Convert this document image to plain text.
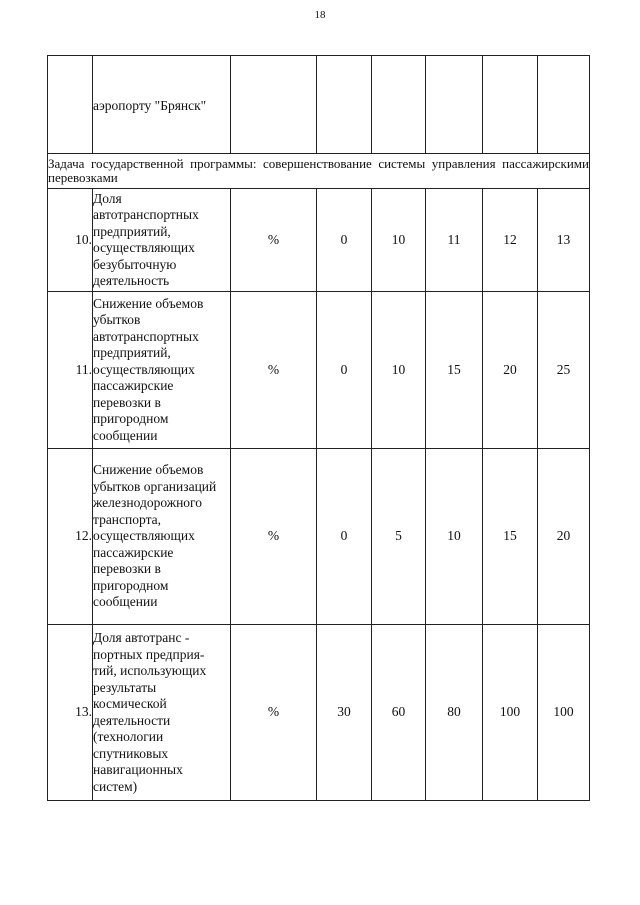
18
	аэропорту "Брянск"						
Задача государственной программы: совершенствование системы управления пассажирскими перевозками							
10.	Доля автотранспортных предприятий, осуществляющих безубыточную деятельность	%	0	10	11	12	13
11.	Снижение объемов убытков автотранспортных предприятий, осуществляющих пассажирские перевозки в пригородном сообщении	%	0	10	15	20	25
12.	Снижение объемов убытков организаций железнодорожного транспорта, осуществляющих пассажирские перевозки в пригородном сообщении	%	0	5	10	15	20
13.	Доля автотранс - портных предприя- тий, использующих результаты космической деятельности (технологии спутниковых навигационных систем)	%	30	60	80	100	100
